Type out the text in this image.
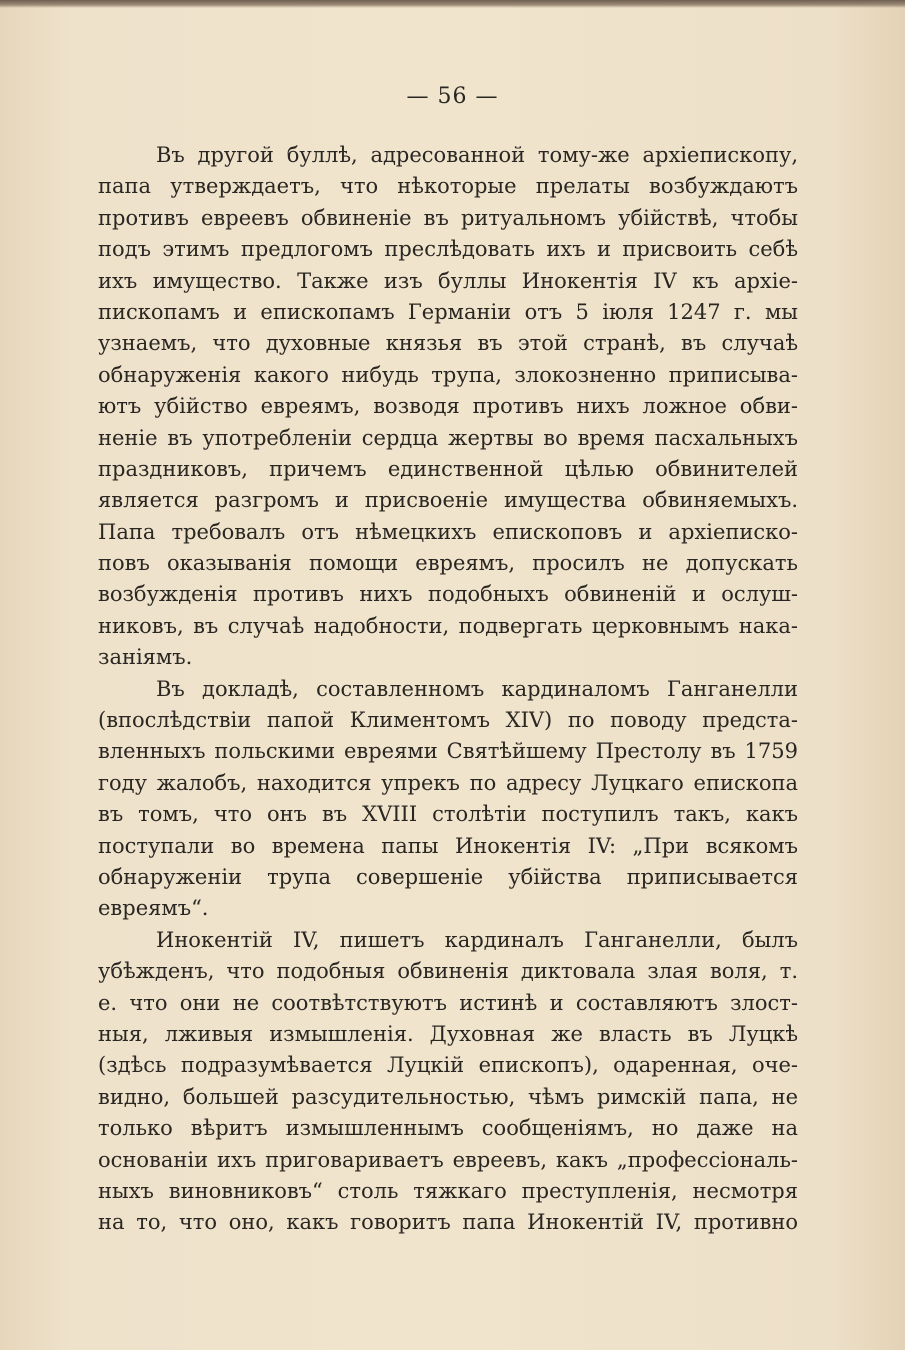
— 56 —
Въ другой буллѣ, адресованной тому-же архіепископу,
папа утверждаетъ, что нѣкоторые прелаты возбуждаютъ
противъ евреевъ обвиненіе въ ритуальномъ убійствѣ, чтобы
подъ этимъ предлогомъ преслѣдовать ихъ и присвоить себѣ
ихъ имущество. Также изъ буллы Инокентія IV къ архіе-
пископамъ и епископамъ Германіи отъ 5 іюля 1247 г. мы
узнаемъ, что духовные князья въ этой странѣ, въ случаѣ
обнаруженія какого нибудь трупа, злокозненно приписыва-
ютъ убійство евреямъ, возводя противъ нихъ ложное обви-
неніе въ употребленіи сердца жертвы во время пасхальныхъ
праздниковъ, причемъ единственной цѣлью обвинителей
является разгромъ и присвоеніе имущества обвиняемыхъ.
Папа требовалъ отъ нѣмецкихъ епископовъ и архіеписко-
повъ оказыванія помощи евреямъ, просилъ не допускать
возбужденія противъ нихъ подобныхъ обвиненій и ослуш-
никовъ, въ случаѣ надобности, подвергать церковнымъ нака-
заніямъ.
Въ докладѣ, составленномъ кардиналомъ Ганганелли
(впослѣдствіи папой Климентомъ XIV) по поводу предста-
вленныхъ польскими евреями Святѣйшему Престолу въ 1759
году жалобъ, находится упрекъ по адресу Луцкаго епископа
въ томъ, что онъ въ XVIII столѣтіи поступилъ такъ, какъ
поступали во времена папы Инокентія IV: „При всякомъ
обнаруженіи трупа совершеніе убійства приписывается
евреямъ“.
Инокентій IV, пишетъ кардиналъ Ганганелли, былъ
убѣжденъ, что подобныя обвиненія диктовала злая воля, т.
е. что они не соотвѣтствуютъ истинѣ и составляютъ злост-
ныя, лживыя измышленія. Духовная же власть въ Луцкѣ
(здѣсь подразумѣвается Луцкій епископъ), одаренная, оче-
видно, большей разсудительностью, чѣмъ римскій папа, не
только вѣритъ измышленнымъ сообщеніямъ, но даже на
основаніи ихъ приговариваетъ евреевъ, какъ „профессіональ-
ныхъ виновниковъ“ столь тяжкаго преступленія, несмотря
на то, что оно, какъ говоритъ папа Инокентій IV, противно
